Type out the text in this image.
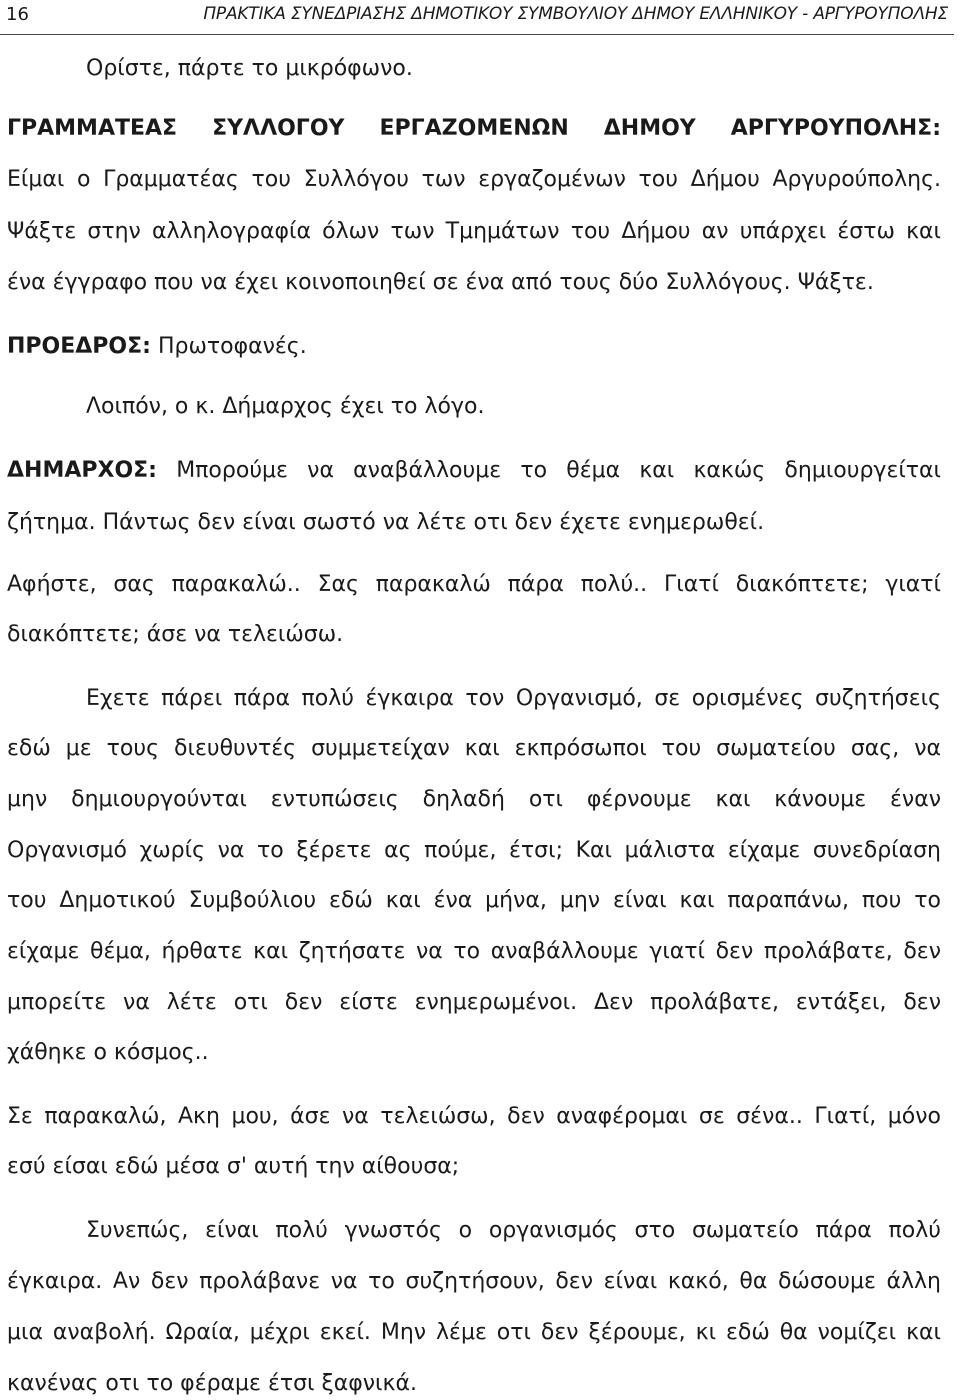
16	ΠΡΑΚΤΙΚΑ ΣΥΝΕΔΡΙΑΣΗΣ ΔΗΜΟΤΙΚΟΥ ΣΥΜΒΟΥΛΙΟΥ ΔΗΜΟΥ ΕΛΛΗΝΙΚΟΥ - ΑΡΓΥΡΟΥΠΟΛΗΣ
Ορίστε, πάρτε το μικρόφωνο.
ΓΡΑΜΜΑΤΕΑΣ ΣΥΛΛΟΓΟΥ ΕΡΓΑΖΟΜΕΝΩΝ ΔΗΜΟΥ ΑΡΓΥΡΟΥΠΟΛΗΣ:
Είμαι ο Γραμματέας του Συλλόγου των εργαζομένων του Δήμου Αργυρούπολης.
Ψάξτε στην αλληλογραφία όλων των Τμημάτων του Δήμου αν υπάρχει έστω και
ένα έγγραφο που να έχει κοινοποιηθεί σε ένα από τους δύο Συλλόγους. Ψάξτε.
ΠΡΟΕΔΡΟΣ: Πρωτοφανές.
Λοιπόν, ο κ. Δήμαρχος έχει το λόγο.
ΔΗΜΑΡΧΟΣ: Μπορούμε να αναβάλλουμε το θέμα και κακώς δημιουργείται
ζήτημα. Πάντως δεν είναι σωστό να λέτε οτι δεν έχετε ενημερωθεί.
Αφήστε, σας παρακαλώ.. Σας παρακαλώ πάρα πολύ.. Γιατί διακόπτετε; γιατί
διακόπτετε; άσε να τελειώσω.
Εχετε πάρει πάρα πολύ έγκαιρα τον Οργανισμό, σε ορισμένες συζητήσεις
εδώ με τους διευθυντές συμμετείχαν και εκπρόσωποι του σωματείου σας, να
μην δημιουργούνται εντυπώσεις δηλαδή οτι φέρνουμε και κάνουμε έναν
Οργανισμό χωρίς να το ξέρετε ας πούμε, έτσι; Και μάλιστα είχαμε συνεδρίαση
του Δημοτικού Συμβούλιου εδώ και ένα μήνα, μην είναι και παραπάνω, που το
είχαμε θέμα, ήρθατε και ζητήσατε να το αναβάλλουμε γιατί δεν προλάβατε, δεν
μπορείτε να λέτε οτι δεν είστε ενημερωμένοι. Δεν προλάβατε, εντάξει, δεν
χάθηκε ο κόσμος..
Σε παρακαλώ, Ακη μου, άσε να τελειώσω, δεν αναφέρομαι σε σένα.. Γιατί, μόνο
εσύ είσαι εδώ μέσα σ' αυτή την αίθουσα;
Συνεπώς, είναι πολύ γνωστός ο οργανισμός στο σωματείο πάρα πολύ
έγκαιρα. Αν δεν προλάβανε να το συζητήσουν, δεν είναι κακό, θα δώσουμε άλλη
μια αναβολή. Ωραία, μέχρι εκεί. Μην λέμε οτι δεν ξέρουμε, κι εδώ θα νομίζει και
κανένας οτι το φέραμε έτσι ξαφνικά.
